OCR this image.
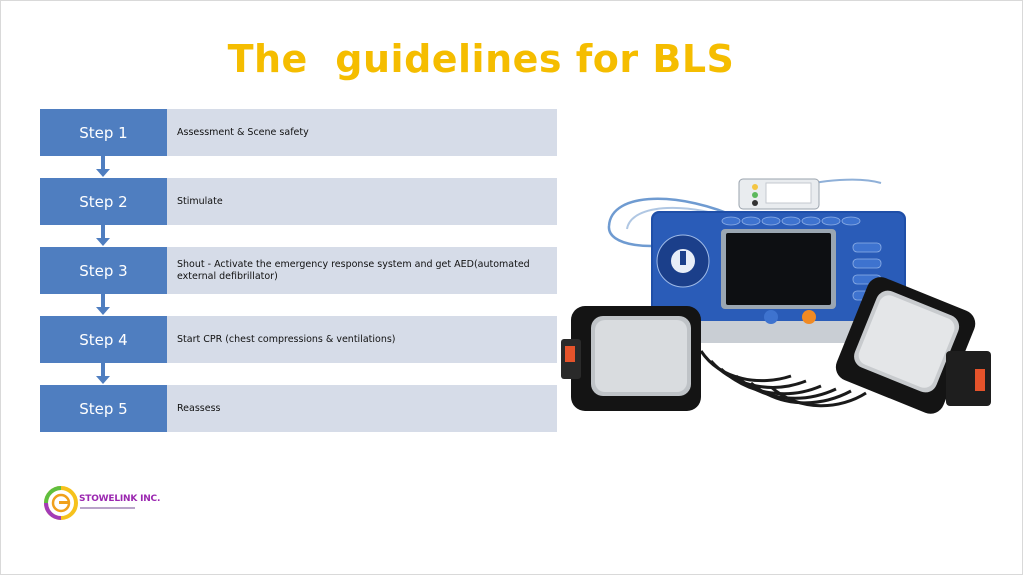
The  guidelines for BLS
Step 1	Assessment & Scene safety
Step 2	Stimulate
Step 3	Shout - Activate the emergency response system and get AED(automated external defibrillator)
Step 4	Start CPR (chest compressions & ventilations)
Step 5	Reassess
STOWELINK INC.
